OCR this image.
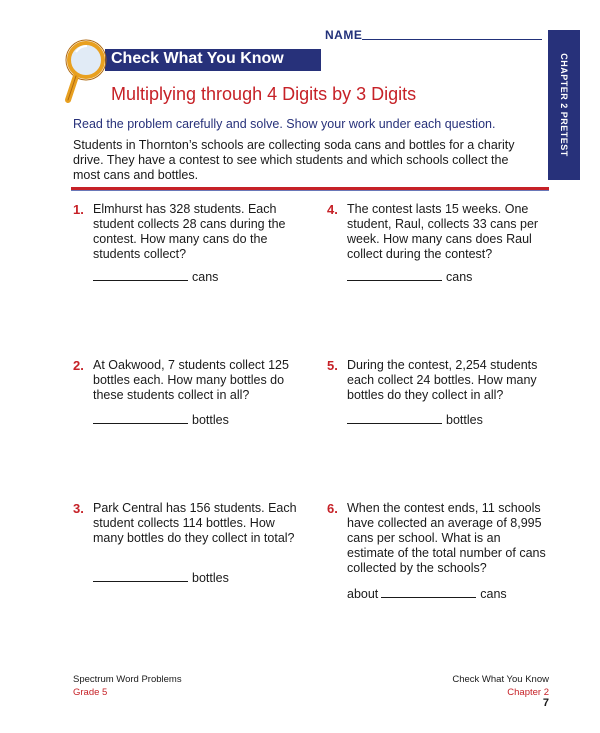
NAME
CHAPTER 2 PRETEST
Check What You Know
Multiplying through 4 Digits by 3 Digits
Read the problem carefully and solve. Show your work under each question.
Students in Thornton’s schools are collecting soda cans and bottles for a charity drive. They have a contest to see which students and which schools collect the most cans and bottles.
1. Elmhurst has 328 students. Each student collects 28 cans during the contest. How many cans do the students collect?
cans
2. At Oakwood, 7 students collect 125 bottles each. How many bottles do these students collect in all?
bottles
3. Park Central has 156 students. Each student collects 114 bottles. How many bottles do they collect in total?
bottles
4. The contest lasts 15 weeks. One student, Raul, collects 33 cans per week. How many cans does Raul collect during the contest?
cans
5. During the contest, 2,254 students each collect 24 bottles. How many bottles do they collect in all?
bottles
6. When the contest ends, 11 schools have collected an average of 8,995 cans per school. What is an estimate of the total number of cans collected by the schools?
about	cans
Spectrum Word Problems
Grade 5
Check What You Know
Chapter 2
7
